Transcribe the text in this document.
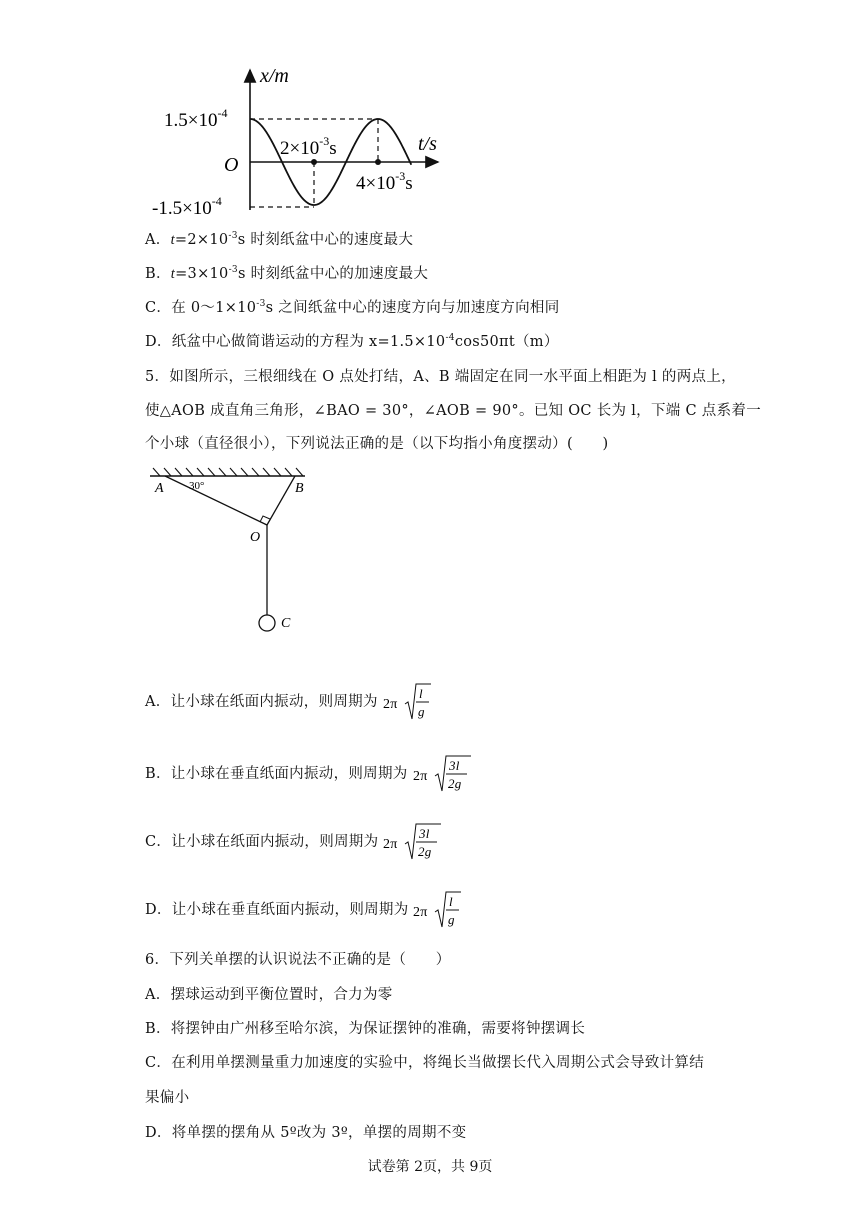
x/m
t/s
O
$1.5\times 10^{-4}$
$-1.5\times 10^{-4}$
$2\times 10^{-3}s$
$4\times 10^{-3}s$
A．$t=2\times 10^{-3}s$ 时刻纸盆中心的速度最大
B．$t=3\times 10^{-3}s$ 时刻纸盆中心的加速度最大
C．在 $0\sim 1\times 10^{-3}s$ 之间纸盆中心的速度方向与加速度方向相同
D．纸盆中心做简谐运动的方程为 $x=1.5\times 10^{-4}\cos 50\pi t(m)$
5．如图所示，三根细线在 O 点处打结，A、B 端固定在同一水平面上相距为 l 的两点上，
使△AOB 成直角三角形，∠BAO = 30°，∠AOB = 90°。已知 OC 长为 l，下端 C 点系着一
个小球（直径很小），下列说法正确的是（以下均指小角度摆动）(　　)
A	B
O
C
30°
A．让小球在纸面内振动，则周期为 2π
l
g
B．让小球在垂直纸面内振动，则周期为 2π
3l
2g
C．让小球在纸面内振动，则周期为 2π
3l
2g
D．让小球在垂直纸面内振动，则周期为 2π
l
g
6．下列关单摆的认识说法不正确的是（　　）
A．摆球运动到平衡位置时，合力为零
B．将摆钟由广州移至哈尔滨，为保证摆钟的准确，需要将钟摆调长
C．在利用单摆测量重力加速度的实验中，将绳长当做摆长代入周期公式会导致计算结
果偏小
D．将单摆的摆角从 5º改为 3º，单摆的周期不变
试卷第 2页，共 9页
